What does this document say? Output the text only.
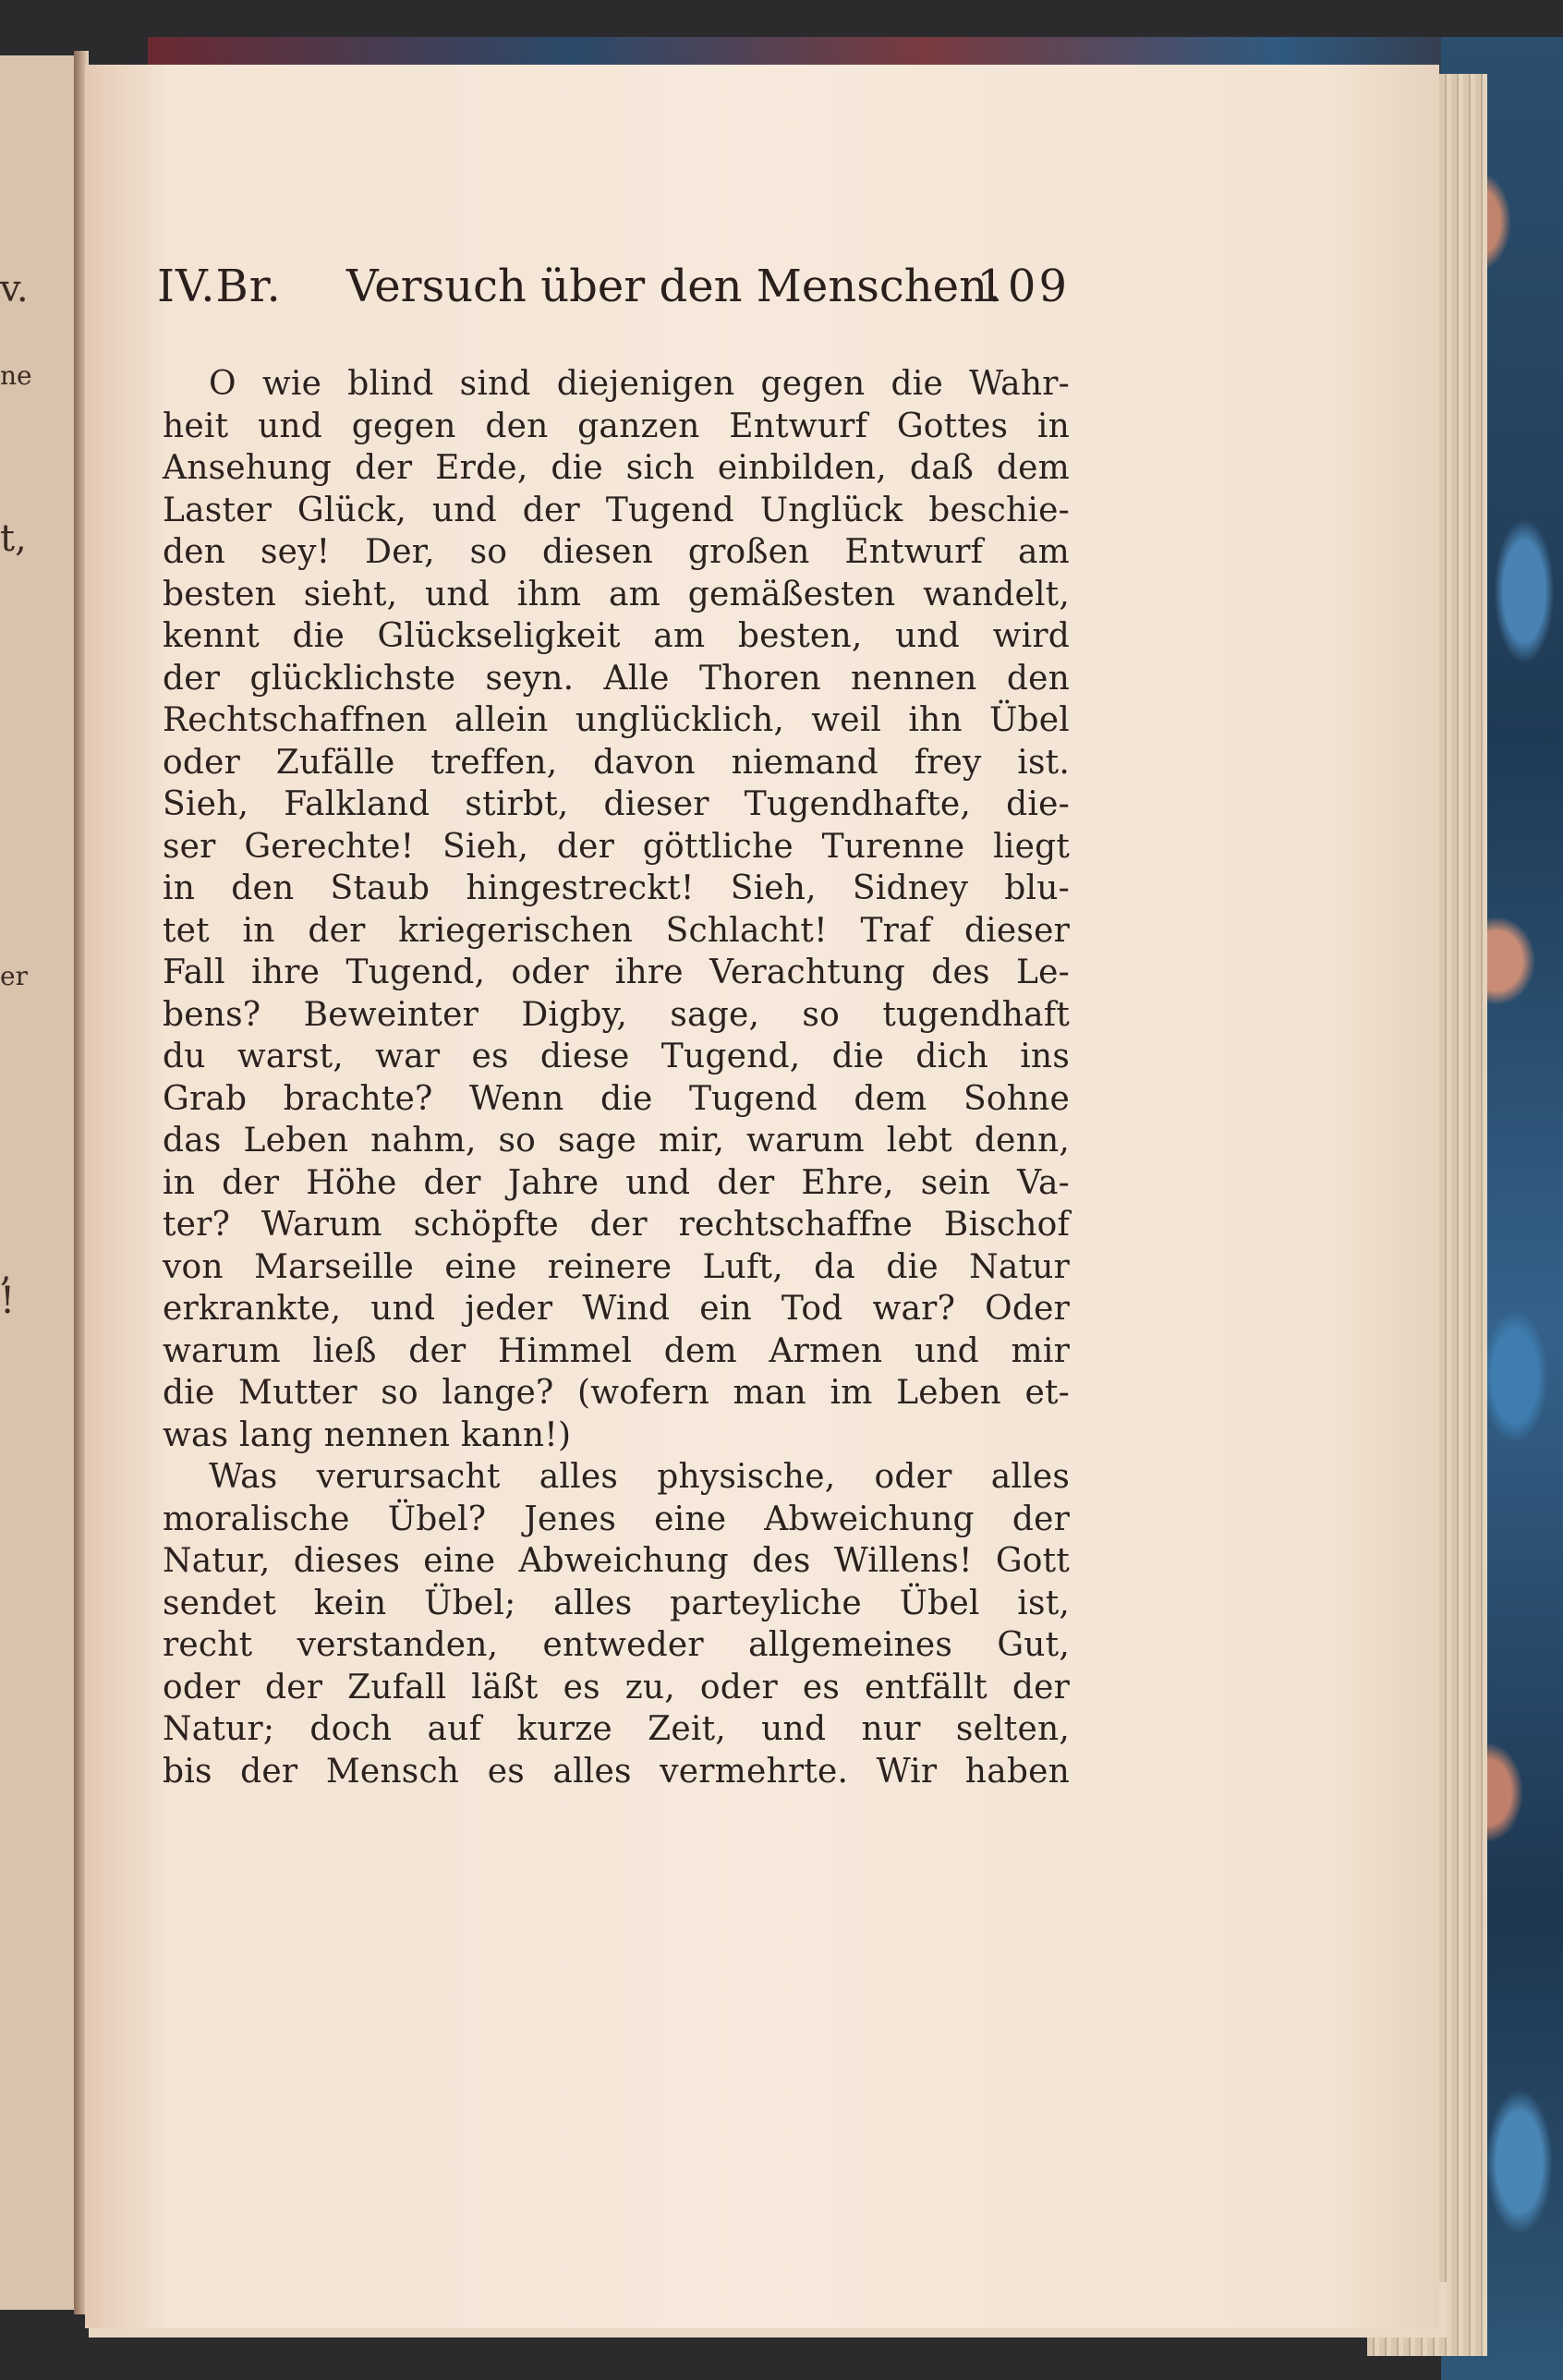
v.
ne
t,
er
,
!
IV.Br. Versuch über den Menschen.
109
O wie blind sind diejenigen gegen die Wahr-
heit und gegen den ganzen Entwurf Gottes in
Ansehung der Erde, die sich einbilden, daß dem
Laster Glück, und der Tugend Unglück beschie-
den sey! Der, so diesen großen Entwurf am
besten sieht, und ihm am gemäßesten wandelt,
kennt die Glückseligkeit am besten, und wird
der glücklichste seyn. Alle Thoren nennen den
Rechtschaffnen allein unglücklich, weil ihn Übel
oder Zufälle treffen, davon niemand frey ist.
Sieh, Falkland stirbt, dieser Tugendhafte, die-
ser Gerechte! Sieh, der göttliche Turenne liegt
in den Staub hingestreckt! Sieh, Sidney blu-
tet in der kriegerischen Schlacht! Traf dieser
Fall ihre Tugend, oder ihre Verachtung des Le-
bens? Beweinter Digby, sage, so tugendhaft
du warst, war es diese Tugend, die dich ins
Grab brachte? Wenn die Tugend dem Sohne
das Leben nahm, so sage mir, warum lebt denn,
in der Höhe der Jahre und der Ehre, sein Va-
ter? Warum schöpfte der rechtschaffne Bischof
von Marseille eine reinere Luft, da die Natur
erkrankte, und jeder Wind ein Tod war? Oder
warum ließ der Himmel dem Armen und mir
die Mutter so lange? (wofern man im Leben et-
was lang nennen kann!)
Was verursacht alles physische, oder alles
moralische Übel? Jenes eine Abweichung der
Natur, dieses eine Abweichung des Willens! Gott
sendet kein Übel; alles parteyliche Übel ist,
recht verstanden, entweder allgemeines Gut,
oder der Zufall läßt es zu, oder es entfällt der
Natur; doch auf kurze Zeit, und nur selten,
bis der Mensch es alles vermehrte. Wir haben
